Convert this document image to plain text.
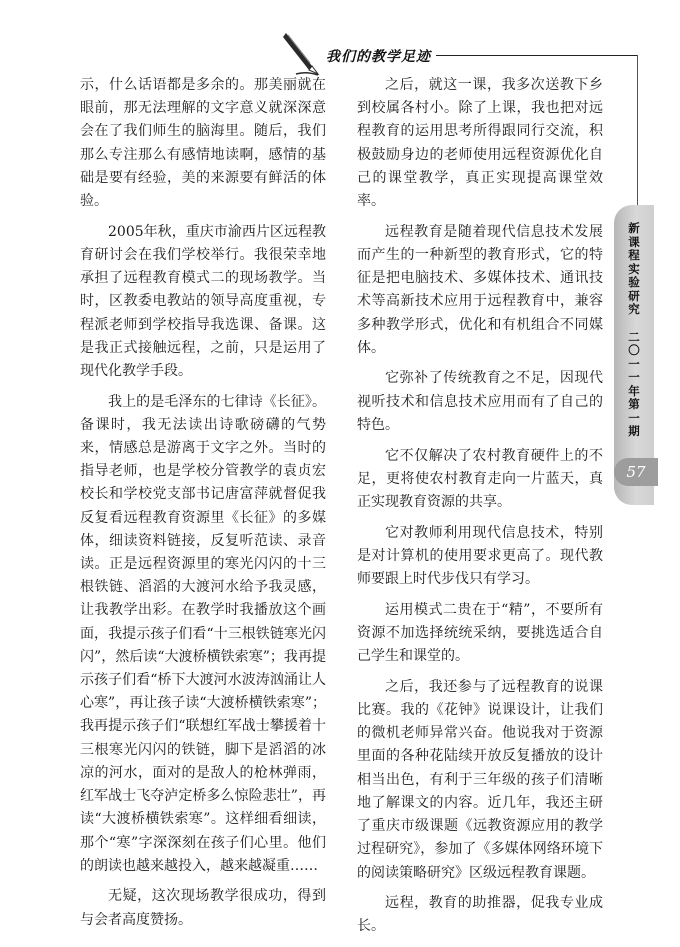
我们的教学足迹
新课程实验研究
二〇一一年
第一期
57

示，什么话语都是多余的。那美丽就在眼前，那无法理解的文字意义就深深意会在了我们师生的脑海里。随后，我们那么专注那么有感情地读啊，感情的基础是要有经验，美的来源要有鲜活的体验。

2005年秋，重庆市渝西片区远程教育研讨会在我们学校举行。我很荣幸地承担了远程教育模式二的现场教学。当时，区教委电教站的领导高度重视，专程派老师到学校指导我选课、备课。这是我正式接触远程，之前，只是运用了现代化教学手段。

我上的是毛泽东的七律诗《长征》。备课时，我无法读出诗歌磅礴的气势来，情感总是游离于文字之外。当时的指导老师，也是学校分管教学的袁贞宏校长和学校党支部书记唐富萍就督促我反复看远程教育资源里《长征》的多媒体，细读资料链接，反复听范读、录音读。正是远程资源里的寒光闪闪的十三根铁链、滔滔的大渡河水给予我灵感，让我教学出彩。在教学时我播放这个画面，我提示孩子们看“十三根铁链寒光闪闪”，然后读“大渡桥横铁索寒”；我再提示孩子们看“桥下大渡河水波涛汹涌让人心寒”，再让孩子读“大渡桥横铁索寒”；我再提示孩子们“联想红军战士攀援着十三根寒光闪闪的铁链，脚下是滔滔的冰凉的河水，面对的是敌人的枪林弹雨，红军战士飞夺泸定桥多么惊险悲壮”，再读“大渡桥横铁索寒”。这样细看细读，那个“寒”字深深刻在孩子们心里。他们的朗读也越来越投入，越来越凝重……

无疑，这次现场教学很成功，得到与会者高度赞扬。

之后，就这一课，我多次送教下乡到校属各村小。除了上课，我也把对远程教育的运用思考所得跟同行交流，积极鼓励身边的老师使用远程资源优化自己的课堂教学，真正实现提高课堂效率。

远程教育是随着现代信息技术发展而产生的一种新型的教育形式，它的特征是把电脑技术、多媒体技术、通讯技术等高新技术应用于远程教育中，兼容多种教学形式，优化和有机组合不同媒体。

它弥补了传统教育之不足，因现代视听技术和信息技术应用而有了自己的特色。

它不仅解决了农村教育硬件上的不足，更将使农村教育走向一片蓝天，真正实现教育资源的共享。

它对教师利用现代信息技术，特别是对计算机的使用要求更高了。现代教师要跟上时代步伐只有学习。

运用模式二贵在于“精”，不要所有资源不加选择统统采纳，要挑选适合自己学生和课堂的。

之后，我还参与了远程教育的说课比赛。我的《花钟》说课设计，让我们的微机老师异常兴奋。他说我对于资源里面的各种花陆续开放反复播放的设计相当出色，有利于三年级的孩子们清晰地了解课文的内容。近几年，我还主研了重庆市级课题《远教资源应用的教学过程研究》，参加了《多媒体网络环境下的阅读策略研究》区级远程教育课题。

远程，教育的助推器，促我专业成长。
